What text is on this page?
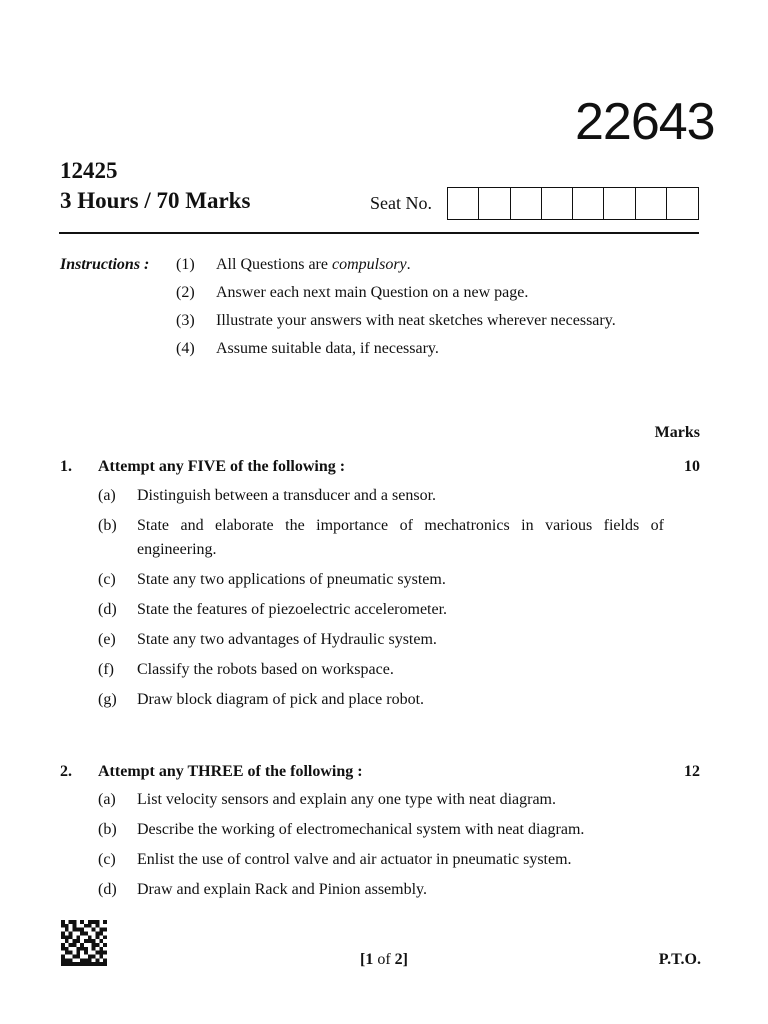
22643
12425
3 Hours / 70 Marks	Seat No.
Instructions : (1)	All Questions are compulsory.
(2)	Answer each next main Question on a new page.
(3)	Illustrate your answers with neat sketches wherever necessary.
(4)	Assume suitable data, if necessary.
Marks
1. Attempt any FIVE of the following :	10
(a)	Distinguish between a transducer and a sensor.
(b)	State and elaborate the importance of mechatronics in various fields of engineering.
(c)	State any two applications of pneumatic system.
(d)	State the features of piezoelectric accelerometer.
(e)	State any two advantages of Hydraulic system.
(f)	Classify the robots based on workspace.
(g)	Draw block diagram of pick and place robot.
2. Attempt any THREE of the following :	12
(a)	List velocity sensors and explain any one type with neat diagram.
(b)	Describe the working of electromechanical system with neat diagram.
(c)	Enlist the use of control valve and air actuator in pneumatic system.
(d)	Draw and explain Rack and Pinion assembly.
[1 of 2]	P.T.O.
